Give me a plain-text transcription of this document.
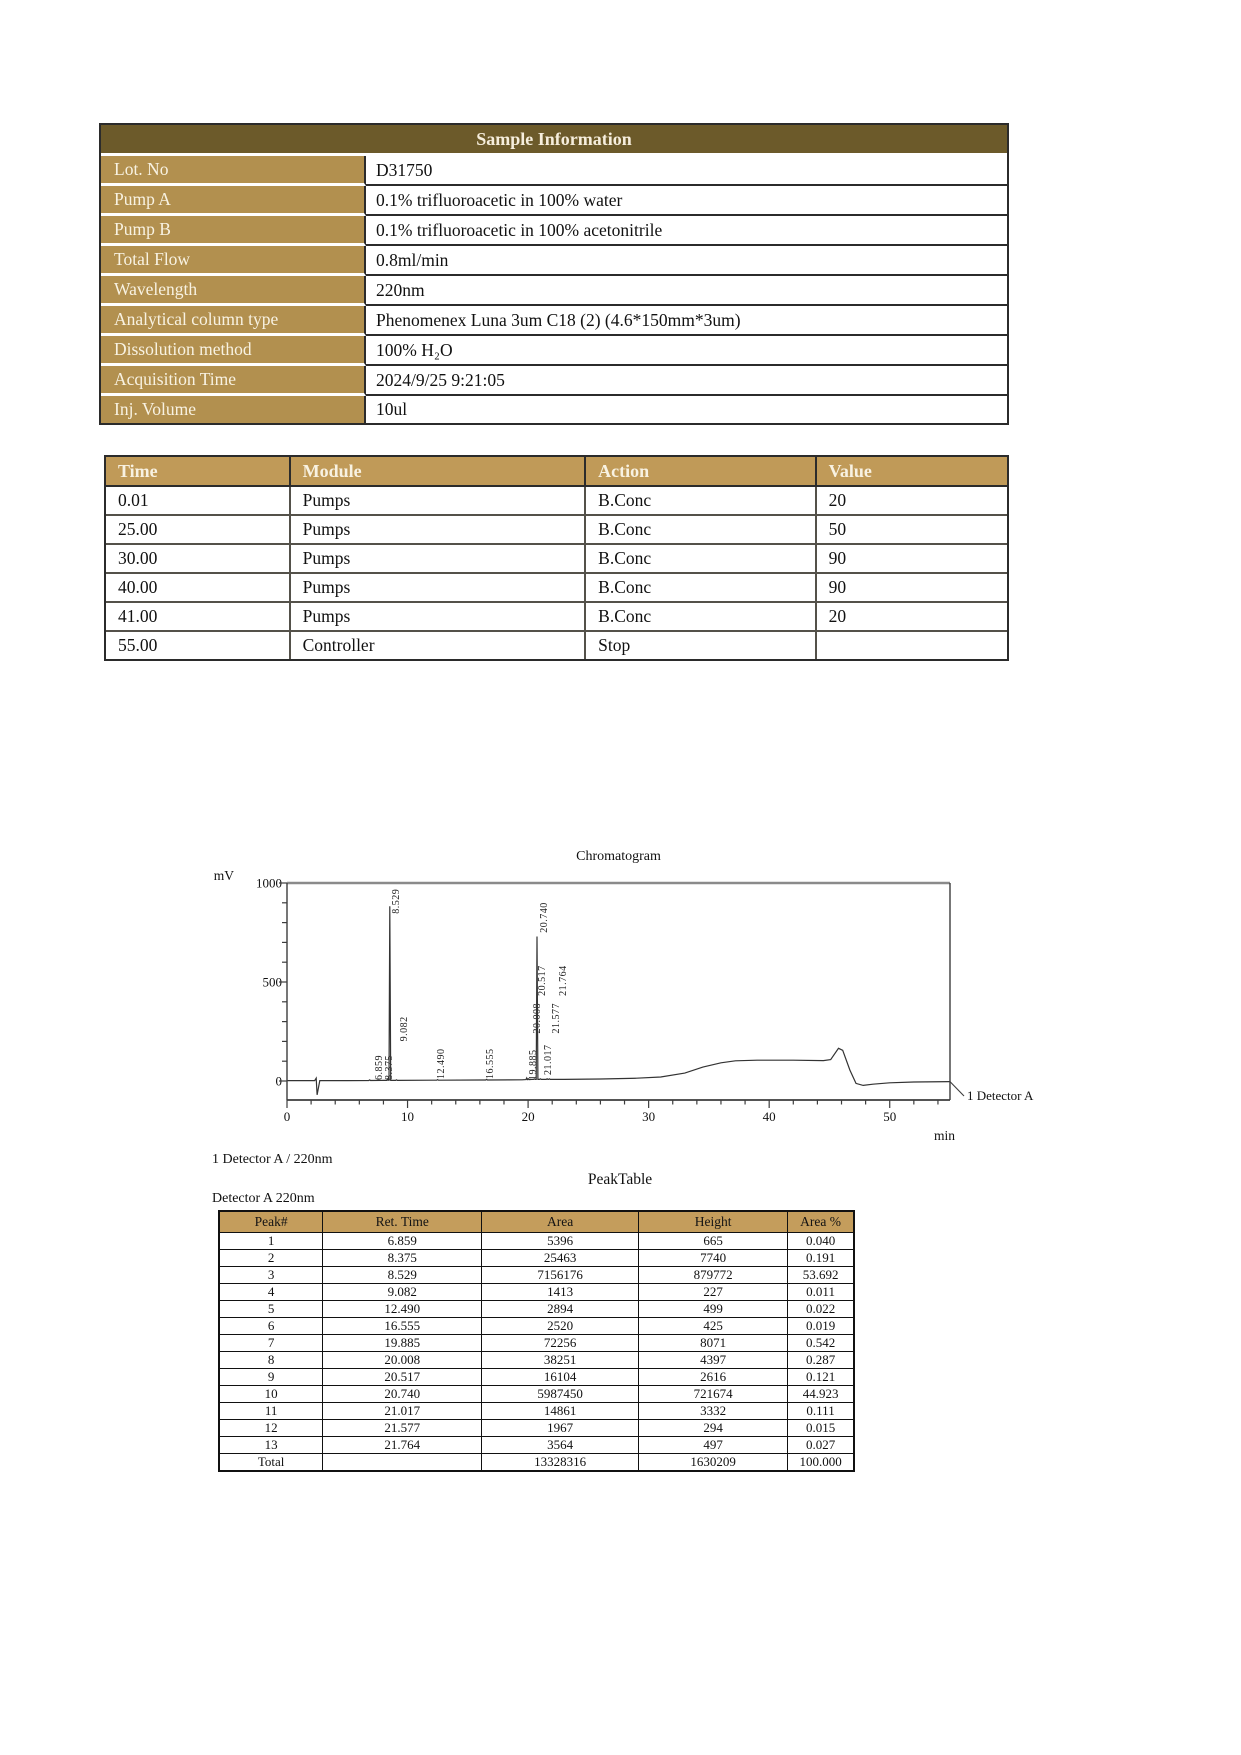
Sample Information	
Lot. No	D31750
Pump A	0.1% trifluoroacetic in 100% water
Pump B	0.1% trifluoroacetic in 100% acetonitrile
Total Flow	0.8ml/min
Wavelength	220nm
Analytical column type	Phenomenex Luna 3um C18 (2) (4.6*150mm*3um)
Dissolution method	100% H₂O
Acquisition Time	2024/9/25 9:21:05
Inj. Volume	10ul
Time	Module	Action	Value
0.01	Pumps	B.Conc	20
25.00	Pumps	B.Conc	50
30.00	Pumps	B.Conc	90
40.00	Pumps	B.Conc	90
41.00	Pumps	B.Conc	20
55.00	Controller	Stop	
Chromatogram
mV
min
0
500
1000
6.859 8.375
8.529
9.082
12.490	16.555	19.885
20.008
20.517
20.740
21.017
21.577
21.764
0	10	20	30	40	50
1 Detector A
1 Detector A / 220nm
PeakTable
Detector A 220nm
Peak#	Ret. Time	Area	Height	Area %
1	6.859	5396	665	0.040
2	8.375	25463	7740	0.191
3	8.529	7156176	879772	53.692
4	9.082	1413	227	0.011
5	12.490	2894	499	0.022
6	16.555	2520	425	0.019
7	19.885	72256	8071	0.542
8	20.008	38251	4397	0.287
9	20.517	16104	2616	0.121
10	20.740	5987450	721674	44.923
11	21.017	14861	3332	0.111
12	21.577	1967	294	0.015
13	21.764	3564	497	0.027
Total		13328316	1630209	100.000
